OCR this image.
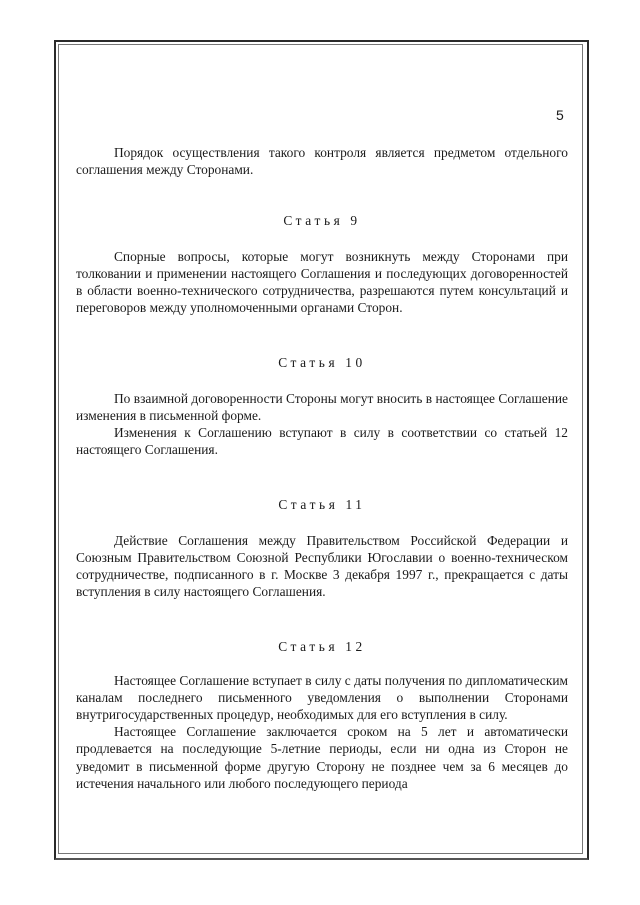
5

Порядок осуществления такого контроля является предметом отдельного соглашения между Сторонами.

Статья 9

Спорные вопросы, которые могут возникнуть между Сторонами при толковании и применении настоящего Соглашения и последующих договоренностей в области военно-технического сотрудничества, разрешаются путем консультаций и переговоров между уполномоченными органами Сторон.

Статья 10

По взаимной договоренности Стороны могут вносить в настоящее Соглашение изменения в письменной форме.

Изменения к Соглашению вступают в силу в соответствии со статьей 12 настоящего Соглашения.

Статья 11

Действие Соглашения между Правительством Российской Федерации и Союзным Правительством Союзной Республики Югославии о военно-техническом сотрудничестве, подписанного в г. Москве 3 декабря 1997 г., прекращается с даты вступления в силу настоящего Соглашения.

Статья 12

Настоящее Соглашение вступает в силу с даты получения по дипломатическим каналам последнего письменного уведомления о выполнении Сторонами внутригосударственных процедур, необходимых для его вступления в силу.

Настоящее Соглашение заключается сроком на 5 лет и автоматически продлевается на последующие 5-летние периоды, если ни одна из Сторон не уведомит в письменной форме другую Сторону не позднее чем за 6 месяцев до истечения начального или любого последующего периода
